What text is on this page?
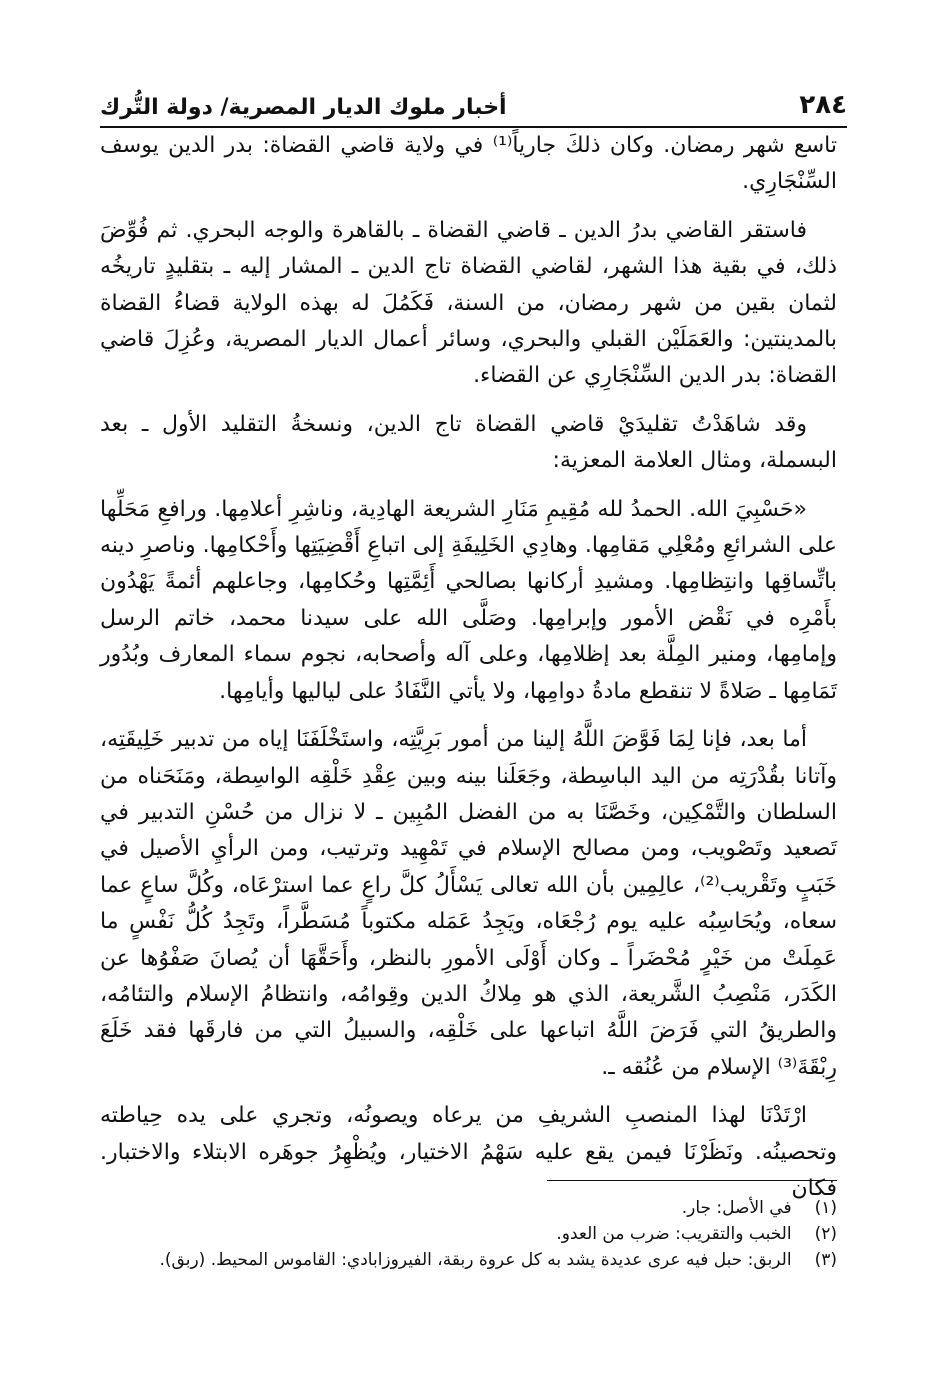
٢٨٤
أخبار ملوك الديار المصرية/ دولة التُّرك

تاسع شهر رمضان. وكان ذلكَ جارياً⁽¹⁾ في ولاية قاضي القضاة: بدر الدين يوسف السِّنْجَارِي.

فاستقر القاضي بدرُ الدين ـ قاضي القضاة ـ بالقاهرة والوجه البحري. ثم فُوِّضَ ذلك، في بقية هذا الشهر، لقاضي القضاة تاج الدين ـ المشار إليه ـ بتقليدٍ تاريخُه لثمان بقين من شهر رمضان، من السنة، فَكَمُلَ له بهذه الولاية قضاءُ القضاة بالمدينتين: والعَمَلَيْن القبلي والبحري، وسائر أعمال الديار المصرية، وعُزِلَ قاضي القضاة: بدر الدين السِّنْجَارِي عن القضاء.

وقد شاهَدْتُ تقليدَيْ قاضي القضاة تاج الدين، ونسخةُ التقليد الأول ـ بعد البسملة، ومثال العلامة المعزية:

«حَسْبِيَ الله. الحمدُ لله مُقِيمِ مَنَارِ الشريعة الهادِية، وناشِرِ أعلامِها. ورافعِ مَحَلِّها على الشرائعِ ومُعْلِي مَقامِها. وهادِي الخَلِيفَةِ إلى اتباعِ أَقْضِيَتِها وأَحْكامِها. وناصرِ دينه باتِّساقِها وانتِظامِها. ومشيدِ أركانها بصالحي أَئِمَّتِها وحُكامِها، وجاعلهم أئمةً يَهْدُون بأَمْرِه في نَقْض الأمور وإبرامِها. وصَلَّى الله على سيدنا محمد، خاتم الرسل وإمامِها، ومنير المِلَّة بعد إظلامِها، وعلى آله وأصحابه، نجوم سماء المعارف وبُدُور تَمَامِها ـ صَلاةً لا تنقطع مادةُ دوامِها، ولا يأتي النَّفَادُ على لياليها وأيامِها.

أما بعد، فإنا لِمَا فَوَّضَ اللَّهُ إلينا من أمور بَرِيَّتِه، واستَخْلَفَنَا إياه من تدبير خَلِيقَتِه، وآتانا بقُدْرَتِه من اليد الباسِطة، وجَعَلَنا بينه وبين عِقْدِ خَلْقِه الواسِطة، ومَنَحَناه من السلطان والتَّمْكِين، وخَصَّنَا به من الفضل المُبِين ـ لا نزال من حُسْنِ التدبير في تَصعيد وتَصْويب، ومن مصالح الإسلام في تَمْهِيد وترتيب، ومن الرأيِ الأصيل في خَبَبٍ وتَقْريب⁽²⁾، عالِمِين بأن الله تعالى يَسْأَلُ كلَّ راعٍ عما استرْعَاه، وكُلَّ ساعٍ عما سعاه، ويُحَاسِبُه عليه يوم رُجْعَاه، ويَجِدُ عَمَله مكتوباً مُسَطَّراً، وتَجِدُ كُلُّ نَفْسٍ ما عَمِلَتْ من خَيْرٍ مُحْضَراً ـ وكان أَوْلَى الأمورِ بالنظر، وأَحَقَّهَا أن يُصانَ صَفْوُها عن الكَدَر، مَنْصِبُ الشَّريعة، الذي هو مِلاكُ الدين وقِوامُه، وانتظامُ الإسلام والتئامُه، والطريقُ التي فَرَضَ اللَّهُ اتباعها على خَلْقِه، والسبيلُ التي من فارقَها فقد خَلَعَ رِبْقَةَ⁽³⁾ الإسلام من عُنُقه ـ.

ارْتَدْنَا لهذا المنصبِ الشريفِ من يرعاه ويصونُه، وتجري على يده حِياطته وتحصينُه. ونَظَرْنَا فيمن يقع عليه سَهْمُ الاختيار، ويُظْهِرُ جوهَره الابتلاء والاختبار. فكان

(١) في الأصل: جار.
(٢) الخبب والتقريب: ضرب من العدو.
(٣) الربق: حبل فيه عرى عديدة يشد به كل عروة ربقة، الفيروزابادي: القاموس المحيط. (ربق).
